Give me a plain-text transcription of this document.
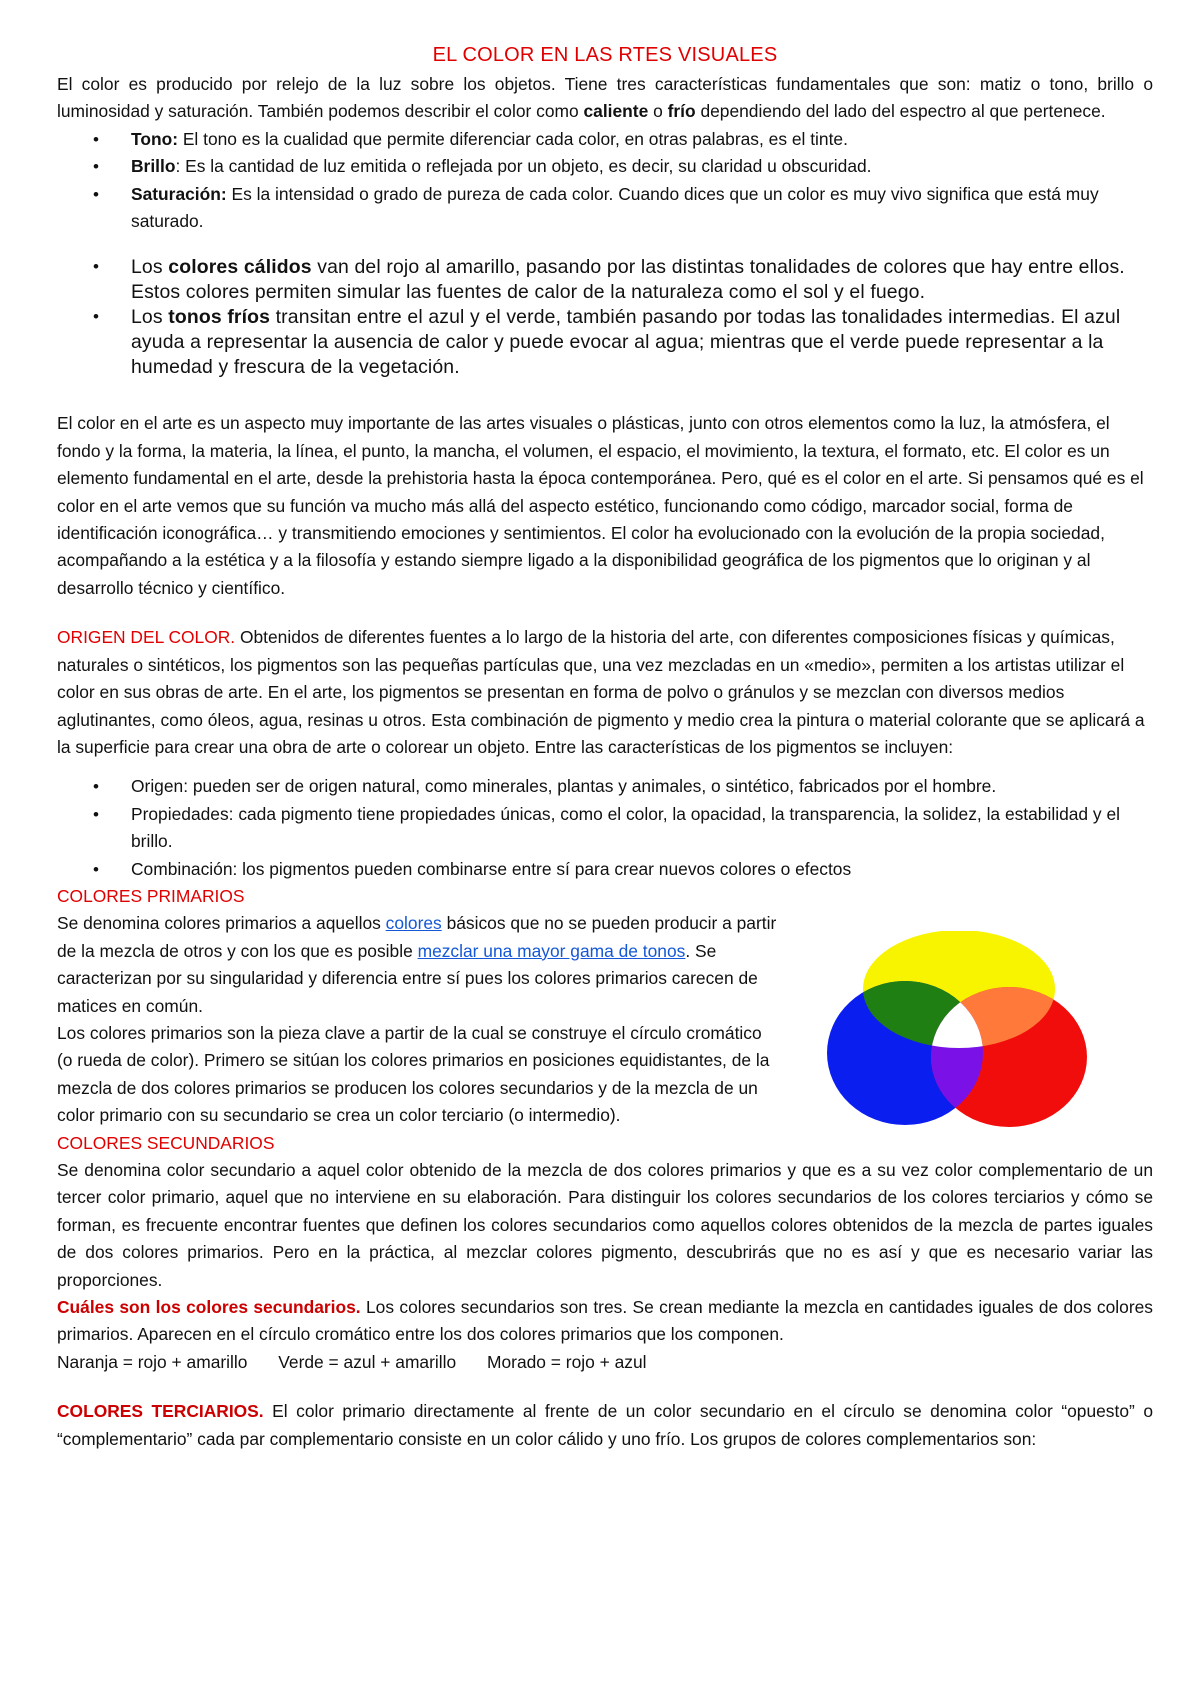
EL COLOR EN LAS RTES VISUALES

El color es producido por relejo de la luz sobre los objetos. Tiene tres características fundamentales que son: matiz o tono, brillo o luminosidad y saturación. También podemos describir el color como caliente o frío dependiendo del lado del espectro al que pertenece.

• Tono: El tono es la cualidad que permite diferenciar cada color, en otras palabras, es el tinte.
• Brillo: Es la cantidad de luz emitida o reflejada por un objeto, es decir, su claridad u obscuridad.
• Saturación: Es la intensidad o grado de pureza de cada color. Cuando dices que un color es muy vivo significa que está muy saturado.
• Los colores cálidos van del rojo al amarillo, pasando por las distintas tonalidades de colores que hay entre ellos. Estos colores permiten simular las fuentes de calor de la naturaleza como el sol y el fuego.
• Los tonos fríos transitan entre el azul y el verde, también pasando por todas las tonalidades intermedias. El azul ayuda a representar la ausencia de calor y puede evocar al agua; mientras que el verde puede representar a la humedad y frescura de la vegetación.

El color en el arte es un aspecto muy importante de las artes visuales o plásticas, junto con otros elementos como la luz, la atmósfera, el fondo y la forma, la materia, la línea, el punto, la mancha, el volumen, el espacio, el movimiento, la textura, el formato, etc. El color es un elemento fundamental en el arte, desde la prehistoria hasta la época contemporánea. Pero, qué es el color en el arte. Si pensamos qué es el color en el arte vemos que su función va mucho más allá del aspecto estético, funcionando como código, marcador social, forma de identificación iconográfica… y transmitiendo emociones y sentimientos. El color ha evolucionado con la evolución de la propia sociedad, acompañando a la estética y a la filosofía y estando siempre ligado a la disponibilidad geográfica de los pigmentos que lo originan y al desarrollo técnico y científico.

ORIGEN DEL COLOR. Obtenidos de diferentes fuentes a lo largo de la historia del arte, con diferentes composiciones físicas y químicas, naturales o sintéticos, los pigmentos son las pequeñas partículas que, una vez mezcladas en un «medio», permiten a los artistas utilizar el color en sus obras de arte. En el arte, los pigmentos se presentan en forma de polvo o gránulos y se mezclan con diversos medios aglutinantes, como óleos, agua, resinas u otros. Esta combinación de pigmento y medio crea la pintura o material colorante que se aplicará a la superficie para crear una obra de arte o colorear un objeto. Entre las características de los pigmentos se incluyen:

• Origen: pueden ser de origen natural, como minerales, plantas y animales, o sintético, fabricados por el hombre.
• Propiedades: cada pigmento tiene propiedades únicas, como el color, la opacidad, la transparencia, la solidez, la estabilidad y el brillo.
• Combinación: los pigmentos pueden combinarse entre sí para crear nuevos colores o efectos

COLORES PRIMARIOS

Se denomina colores primarios a aquellos colores básicos que no se pueden producir a partir de la mezcla de otros y con los que es posible mezclar una mayor gama de tonos. Se caracterizan por su singularidad y diferencia entre sí pues los colores primarios carecen de matices en común.

Los colores primarios son la pieza clave a partir de la cual se construye el círculo cromático (o rueda de color). Primero se sitúan los colores primarios en posiciones equidistantes, de la mezcla de dos colores primarios se producen los colores secundarios y de la mezcla de un color primario con su secundario se crea un color terciario (o intermedio).

COLORES SECUNDARIOS

Se denomina color secundario a aquel color obtenido de la mezcla de dos colores primarios y que es a su vez color complementario de un tercer color primario, aquel que no interviene en su elaboración. Para distinguir los colores secundarios de los colores terciarios y cómo se forman, es frecuente encontrar fuentes que definen los colores secundarios como aquellos colores obtenidos de la mezcla de partes iguales de dos colores primarios. Pero en la práctica, al mezclar colores pigmento, descubrirás que no es así y que es necesario variar las proporciones.

Cuáles son los colores secundarios. Los colores secundarios son tres. Se crean mediante la mezcla en cantidades iguales de dos colores primarios. Aparecen en el círculo cromático entre los dos colores primarios que los componen.

Naranja = rojo + amarillo Verde = azul + amarillo Morado = rojo + azul

COLORES TERCIARIOS. El color primario directamente al frente de un color secundario en el círculo se denomina color “opuesto” o “complementario” cada par complementario consiste en un color cálido y uno frío. Los grupos de colores complementarios son:
